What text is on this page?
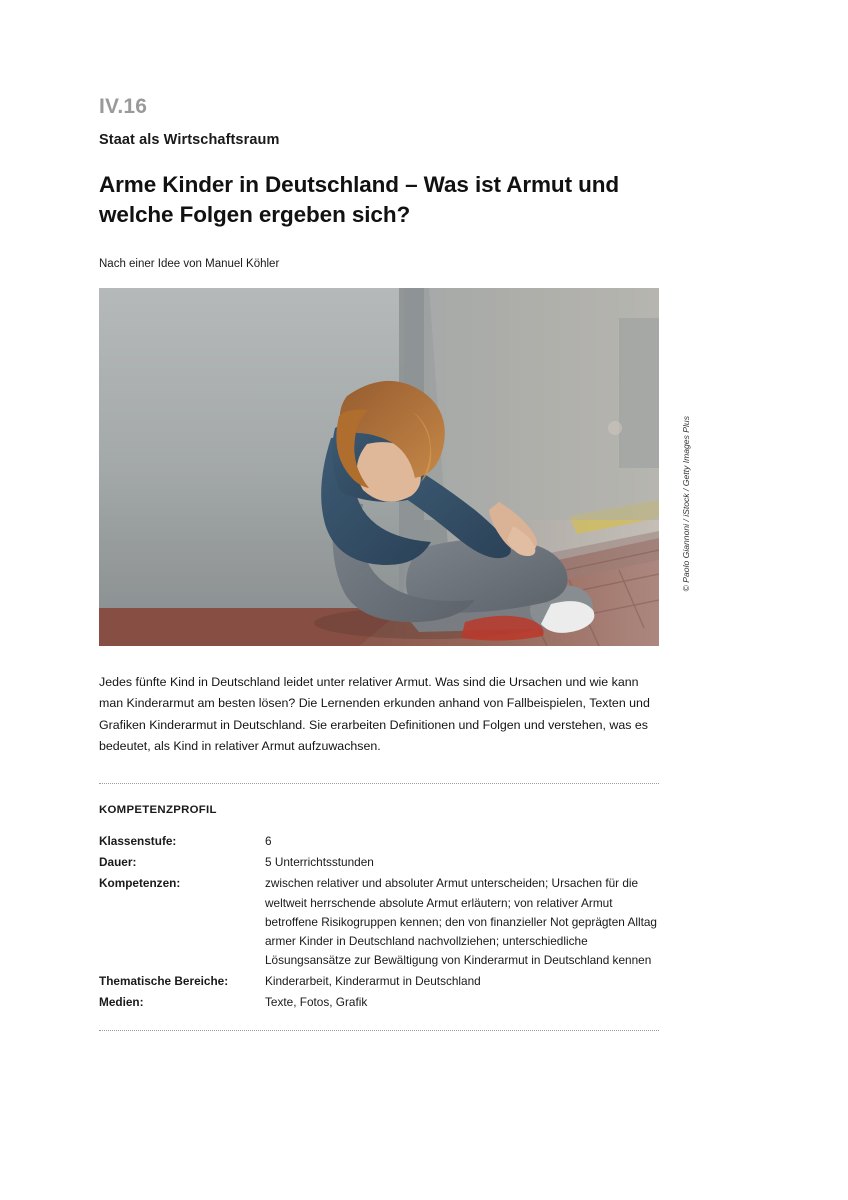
IV.16
Staat als Wirtschaftsraum
Arme Kinder in Deutschland – Was ist Armut und welche Folgen ergeben sich?
Nach einer Idee von Manuel Köhler
© Paolo Giannoni / iStock / Getty Images Plus

Jedes fünfte Kind in Deutschland leidet unter relativer Armut. Was sind die Ursachen und wie kann man Kinderarmut am besten lösen? Die Lernenden erkunden anhand von Fallbeispielen, Texten und Grafiken Kinderarmut in Deutschland. Sie erarbeiten Definitionen und Folgen und verstehen, was es bedeutet, als Kind in relativer Armut aufzuwachsen.

KOMPETENZPROFIL
Klassenstufe:	6
Dauer:	5 Unterrichtsstunden
Kompetenzen:	zwischen relativer und absoluter Armut unterscheiden; Ursachen für die weltweit herrschende absolute Armut erläutern; von relativer Armut betroffene Risikogruppen kennen; den von finanzieller Not geprägten Alltag armer Kinder in Deutschland nachvollziehen; unterschiedliche Lösungsansätze zur Bewältigung von Kinderarmut in Deutschland kennen
Thematische Bereiche:	Kinderarbeit, Kinderarmut in Deutschland
Medien:	Texte, Fotos, Grafik
